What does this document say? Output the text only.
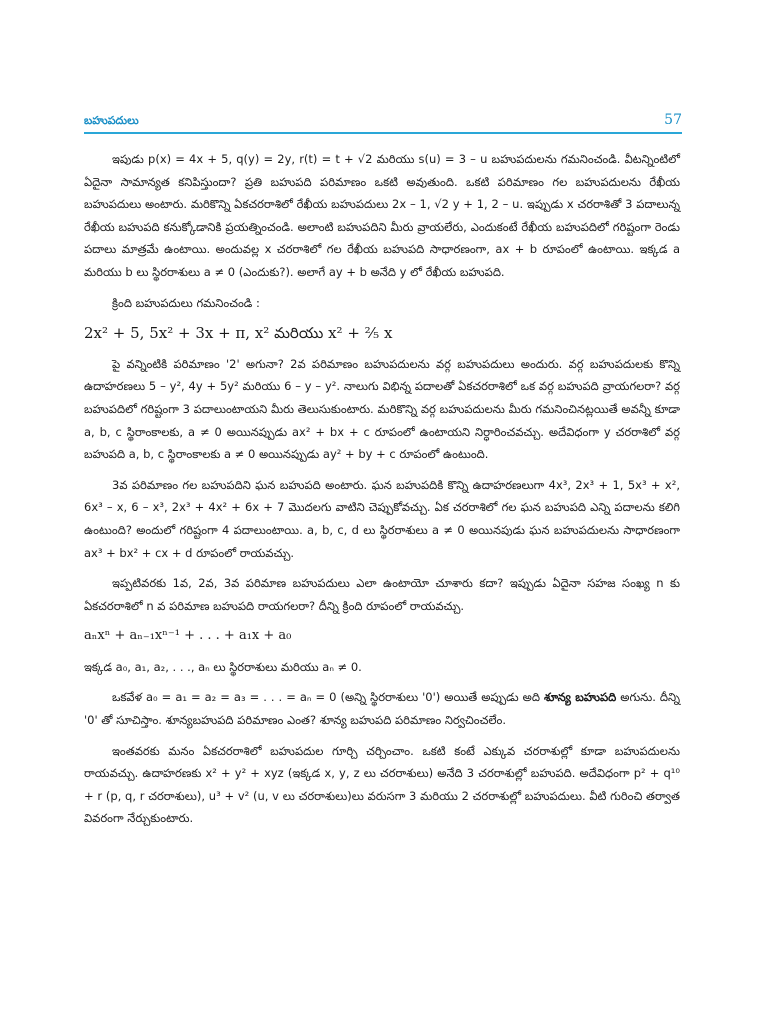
బహుపదులు	57

ఇపుడు p(x) = 4x + 5, q(y) = 2y, r(t) = t + √2 మరియు s(u) = 3 – u బహుపదులను గమనించండి. వీటన్నింటిలో ఏదైనా సామాన్యత కనిపిస్తుందా? ప్రతి బహుపది పరిమాణం ఒకటి అవుతుంది. ఒకటి పరిమాణం గల బహుపదులను రేఖీయ బహుపదులు అంటారు. మరికొన్ని ఏకచరరాశిలో రేఖీయ బహుపదులు 2x – 1, √2 y + 1, 2 – u. ఇప్పుడు x చరరాశితో 3 పదాలున్న రేఖీయ బహుపది కనుక్కోడానికి ప్రయత్నించండి. అలాంటి బహుపదిని మీరు వ్రాయలేరు, ఎందుకంటే రేఖీయ బహుపదిలో గరిష్టంగా రెండు పదాలు మాత్రమే ఉంటాయి. అందువల్ల x చరరాశిలో గల రేఖీయ బహుపది సాధారణంగా, ax + b రూపంలో ఉంటాయి. ఇక్కడ a మరియు b లు స్థిరరాశులు a ≠ 0 (ఎందుకు?). అలాగే ay + b అనేది y లో రేఖీయ బహుపది.

క్రింది బహుపదులు గమనించండి :

2x² + 5, 5x² + 3x + π, x² మరియు x² + ²⁄₅ x

పై వన్నింటికి పరిమాణం '2' అగునా? 2వ పరిమాణం బహుపదులను వర్గ బహుపదులు అందురు. వర్గ బహుపదులకు కొన్ని ఉదాహరణలు 5 – y², 4y + 5y² మరియు 6 – y – y². నాలుగు విభిన్న పదాలతో ఏకచరరాశిలో ఒక వర్గ బహుపది వ్రాయగలరా? వర్గ బహుపదిలో గరిష్టంగా 3 పదాలుంటాయని మీరు తెలుసుకుంటారు. మరికొన్ని వర్గ బహుపదులను మీరు గమనించినట్లయితే అవన్నీ కూడా a, b, c స్థిరాంకాలకు, a ≠ 0 అయినప్పుడు ax² + bx + c రూపంలో ఉంటాయని నిర్ధారించవచ్చు. అదేవిధంగా y చరరాశిలో వర్గ బహుపది a, b, c స్థిరాంకాలకు a ≠ 0 అయినప్పుడు ay² + by + c రూపంలో ఉంటుంది.

3వ పరిమాణం గల బహుపదిని ఘన బహుపది అంటారు. ఘన బహుపదికి కొన్ని ఉదాహరణలుగా 4x³, 2x³ + 1, 5x³ + x², 6x³ – x, 6 – x³, 2x³ + 4x² + 6x + 7 మొదలగు వాటిని చెప్పుకోవచ్చు. ఏక చరరాశిలో గల ఘన బహుపది ఎన్ని పదాలను కలిగి ఉంటుంది? అందులో గరిష్టంగా 4 పదాలుంటాయి. a, b, c, d లు స్థిరరాశులు a ≠ 0 అయినపుడు ఘన బహుపదులను సాధారణంగా ax³ + bx² + cx + d రూపంలో రాయవచ్చు.

ఇప్పటివరకు 1వ, 2వ, 3వ పరిమాణ బహుపదులు ఎలా ఉంటాయో చూశారు కదా? ఇప్పుడు ఏదైనా సహజ సంఖ్య n కు ఏకచరరాశిలో n వ పరిమాణ బహుపది రాయగలరా? దీన్ని క్రింది రూపంలో రాయవచ్చు.

aₙxⁿ + aₙ₋₁xⁿ⁻¹ + . . . + a₁x + a₀

ఇక్కడ a₀, a₁, a₂, . . ., aₙ లు స్థిరరాశులు మరియు aₙ ≠ 0.

ఒకవేళ a₀ = a₁ = a₂ = a₃ = . . . = aₙ = 0 (అన్ని స్థిరరాశులు '0') అయితే అప్పుడు అది శూన్య బహుపది అగును. దీన్ని '0' తో సూచిస్తాం. శూన్యబహుపది పరిమాణం ఎంత? శూన్య బహుపది పరిమాణం నిర్వచించలేం.

ఇంతవరకు మనం ఏకచరరాశిలో బహుపదుల గూర్చి చర్చించాం. ఒకటి కంటే ఎక్కువ చరరాశుల్లో కూడా బహుపదులను రాయవచ్చు. ఉదాహరణకు x² + y² + xyz (ఇక్కడ x, y, z లు చరరాశులు) అనేది 3 చరరాశుల్లో బహుపది. అదేవిధంగా p² + q¹⁰ + r (p, q, r చరరాశులు), u³ + v² (u, v లు చరరాశులు)లు వరుసగా 3 మరియు 2 చరరాశుల్లో బహుపదులు. వీటి గురించి తర్వాత వివరంగా నేర్చుకుంటారు.
